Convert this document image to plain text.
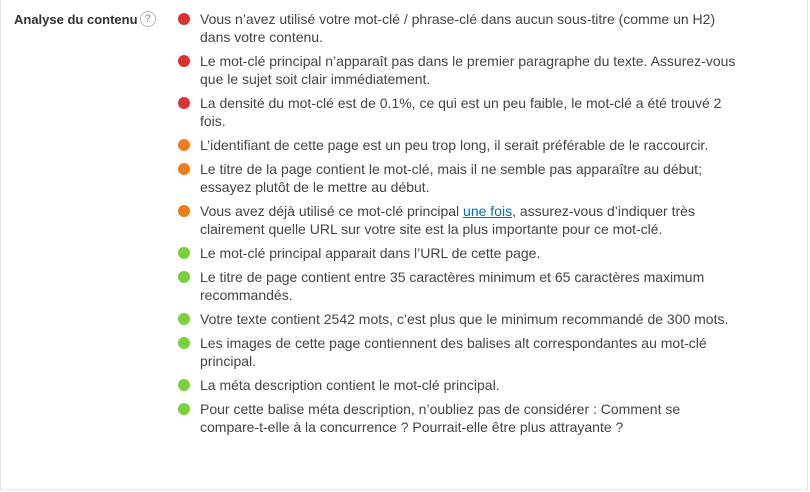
Analyse du contenu ?	Vous n’avez utilisé votre mot-clé / phrase-clé dans aucun sous-titre (comme un H2) dans votre contenu.
Le mot-clé principal n’apparaît pas dans le premier paragraphe du texte. Assurez-vous que le sujet soit clair immédiatement.
La densité du mot-clé est de 0.1%, ce qui est un peu faible, le mot-clé a été trouvé 2 fois.
L’identifiant de cette page est un peu trop long, il serait préférable de le raccourcir.
Le titre de la page contient le mot-clé, mais il ne semble pas apparaître au début; essayez plutôt de le mettre au début.
Vous avez déjà utilisé ce mot-clé principal une fois, assurez-vous d’indiquer très clairement quelle URL sur votre site est la plus importante pour ce mot-clé.
Le mot-clé principal apparait dans l’URL de cette page.
Le titre de page contient entre 35 caractères minimum et 65 caractères maximum recommandés.
Votre texte contient 2542 mots, c’est plus que le minimum recommandé de 300 mots.
Les images de cette page contiennent des balises alt correspondantes au mot-clé principal.
La méta description contient le mot-clé principal.
Pour cette balise méta description, n’oubliez pas de considérer : Comment se compare-t-elle à la concurrence ? Pourrait-elle être plus attrayante ?
